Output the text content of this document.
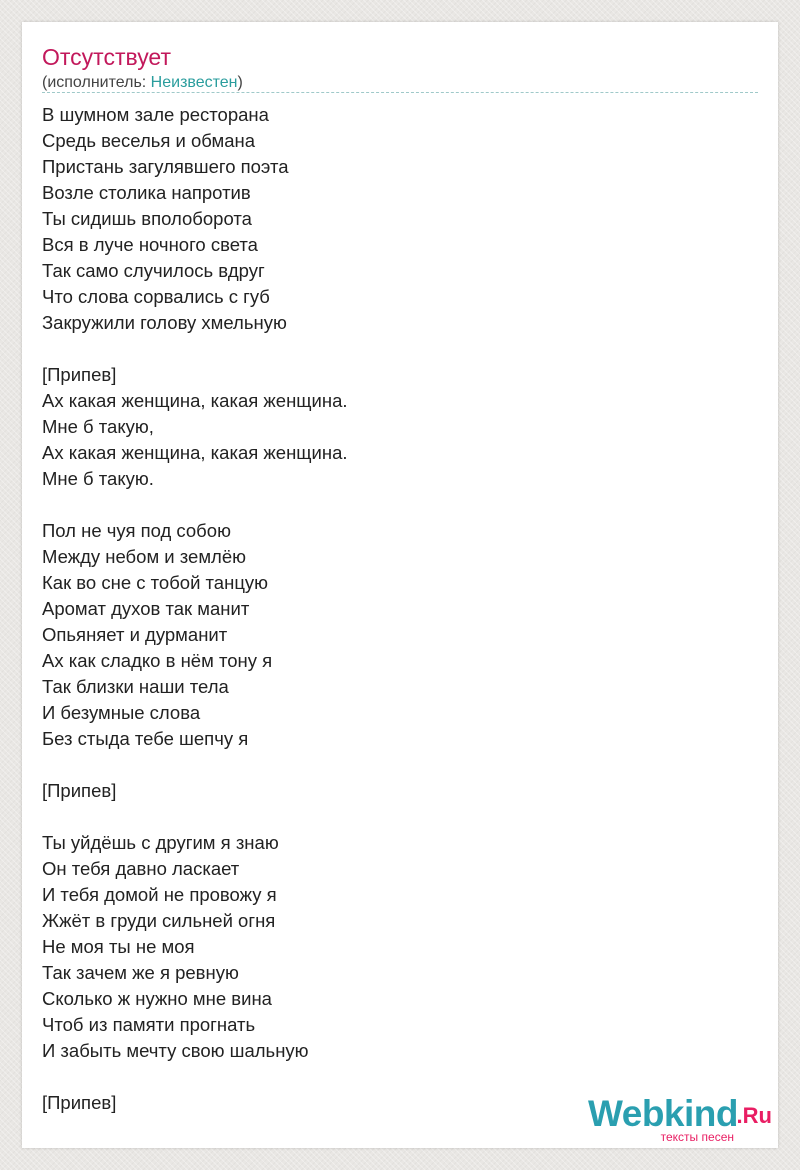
Отсутствует
(исполнитель: Неизвестен)
В шумном зале ресторана
Средь веселья и обмана
Пристань загулявшего поэта
Возле столика напротив
Ты сидишь вполоборота
Вся в луче ночного света
Так само случилось вдруг
Что слова сорвались с губ
Закружили голову хмельную
[Припев]
Ах какая женщина, какая женщина.
Мне б такую,
Ах какая женщина, какая женщина.
Мне б такую.
Пол не чуя под собою
Между небом и землёю
Как во сне с тобой танцую
Аромат духов так манит
Опьяняет и дурманит
Ах как сладко в нём тону я
Так близки наши тела
И безумные слова
Без стыда тебе шепчу я
[Припев]
Ты уйдёшь с другим я знаю
Он тебя давно ласкает
И тебя домой не провожу я
Жжёт в груди сильней огня
Не моя ты не моя
Так зачем же я ревную
Сколько ж нужно мне вина
Чтоб из памяти прогнать
И забыть мечту свою шальную
[Припев]	Webkind
.Ru
тексты песен
